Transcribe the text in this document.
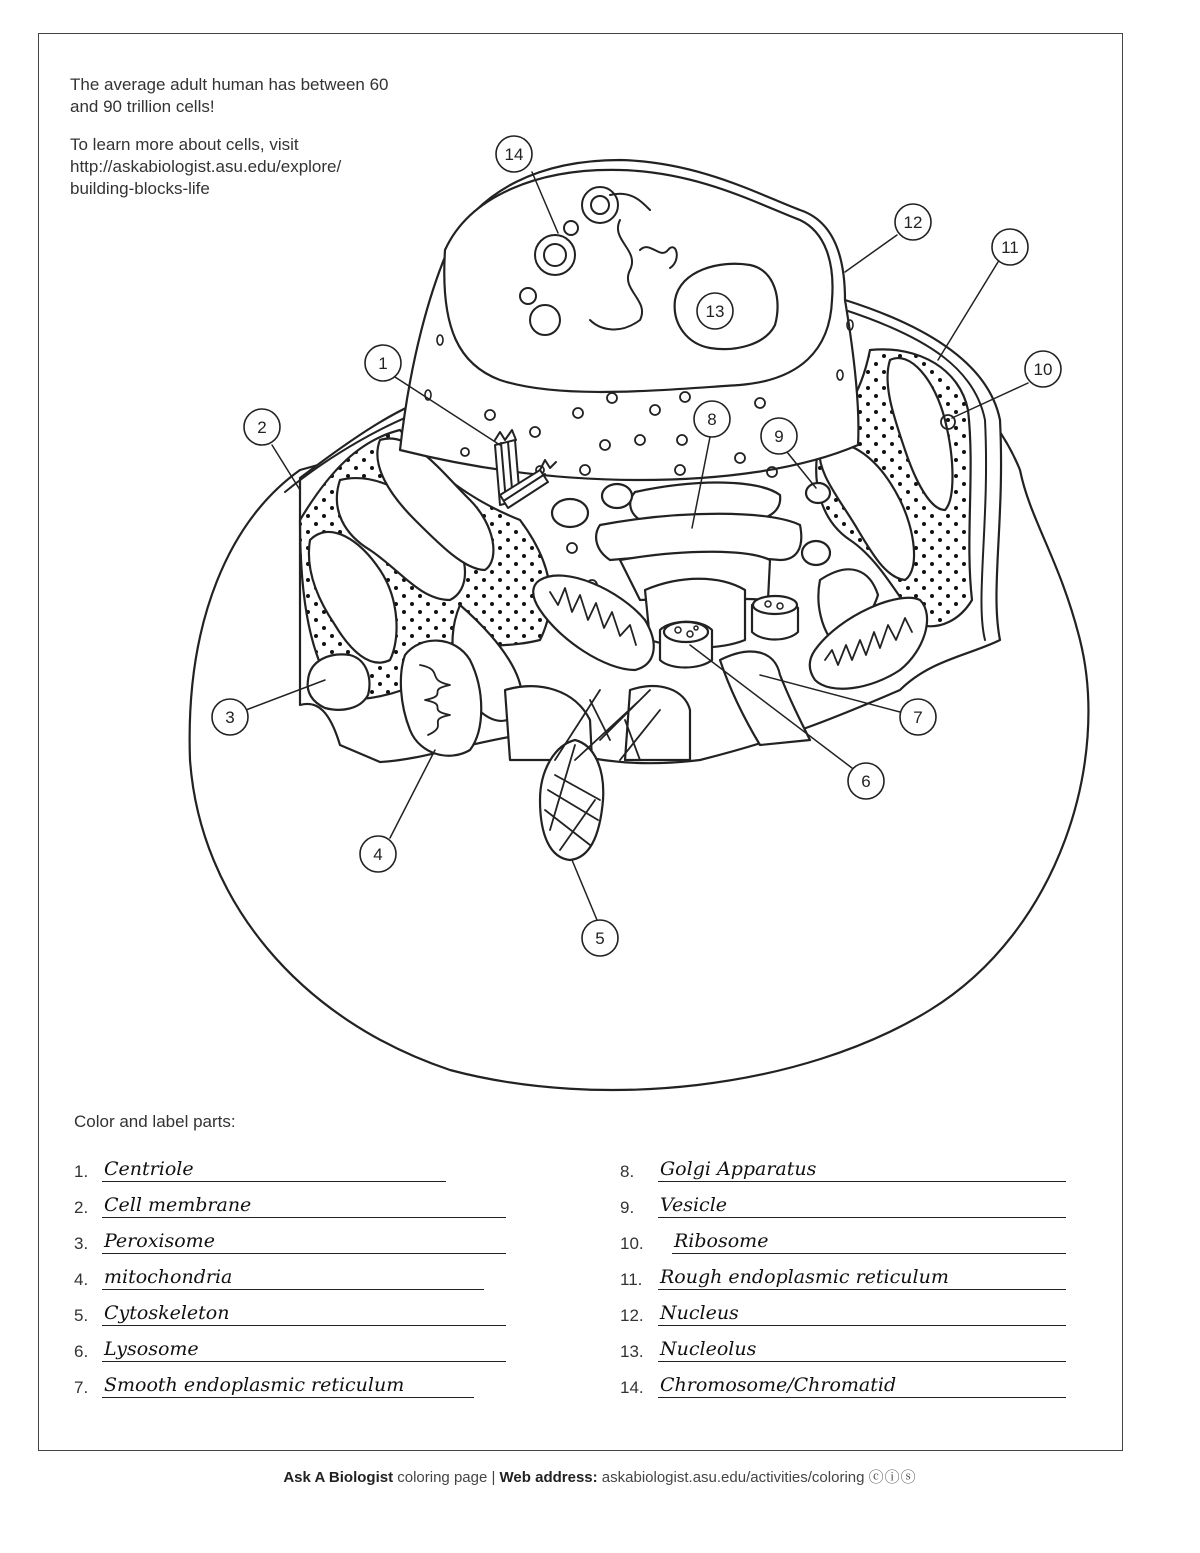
The average adult human has between 60
and 90 trillion cells!

To learn more about cells, visit
http://askabiologist.asu.edu/explore/
building-blocks-life

1
2
3
4
5
6
7
8
9
10
11
12
13
14
Color and label parts:
1. Centriole
2. Cell membrane
3. Peroxisome
4. mitochondria
5. Cytoskeleton
6. Lysosome
7. Smooth endoplasmic reticulum
8.	Golgi Apparatus
9.	Vesicle
10.	Ribosome
11. Rough endoplasmic reticulum
12. Nucleus
13. Nucleolus
14. Chromosome/Chromatid
Ask A Biologist coloring page | Web address: askabiologist.asu.edu/activities/coloring ⓒⓘⓢ
